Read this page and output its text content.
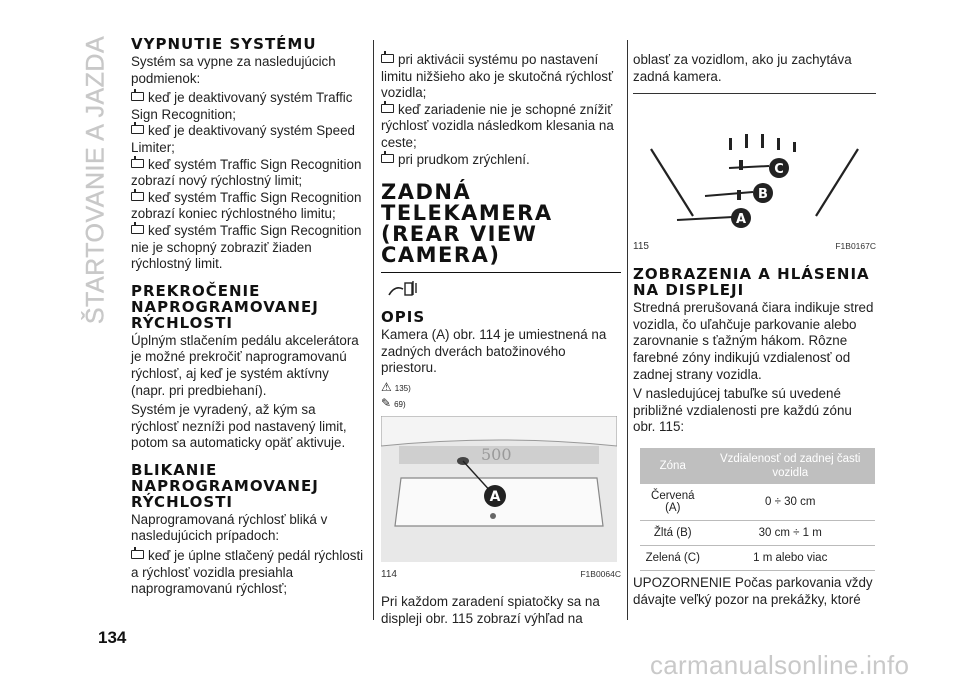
ŠTARTOVANIE A JAZDA VYPNUTIE SYSTÉMU

Systém sa vypne za nasledujúcich podmienok:

keď je deaktivovaný systém Traffic Sign Recognition;
keď je deaktivovaný systém Speed Limiter;
keď systém Traffic Sign Recognition zobrazí nový rýchlostný limit;
keď systém Traffic Sign Recognition zobrazí koniec rýchlostného limitu;
keď systém Traffic Sign Recognition nie je schopný zobraziť žiaden rýchlostný limit.
PREKROČENIE NAPROGRAMOVANEJ RÝCHLOSTI

Úplným stlačením pedálu akcelerátora je možné prekročiť naprogramovanú rýchlosť, aj keď je systém aktívny (napr. pri predbiehaní).

Systém je vyradený, až kým sa rýchlosť nezníži pod nastavený limit, potom sa automaticky opäť aktivuje.

BLIKANIE NAPROGRAMOVANEJ RÝCHLOSTI

Naprogramovaná rýchlosť bliká v nasledujúcich prípadoch:

keď je úplne stlačený pedál rýchlosti a rýchlosť vozidla presiahla naprogramovanú rýchlosť;
pri aktivácii systému po nastavení limitu nižšieho ako je skutočná rýchlosť vozidla;
keď zariadenie nie je schopné znížiť rýchlosť vozidla následkom klesania na ceste;
pri prudkom zrýchlení.
ZADNÁ TELEKAMERA (REAR VIEW CAMERA)
OPIS

Kamera (A) obr. 114 je umiestnená na zadných dverách batožinového priestoru.

⚠ 135)
✎ 69)
500
A
114	F1B0064C

Pri každom zaradení spiatočky sa na displeji obr. 115 zobrazí výhľad na

oblasť za vozidlom, ako ju zachytáva zadná kamera.

C
B
A
115	F1B0167C
ZOBRAZENIA A HLÁSENIA NA DISPLEJI

Stredná prerušovaná čiara indikuje stred vozidla, čo uľahčuje parkovanie alebo zarovnanie s ťažným hákom. Rôzne farebné zóny indikujú vzdialenosť od zadnej strany vozidla.

V nasledujúcej tabuľke sú uvedené približné vzdialenosti pre každú zónu obr. 115:

Zóna	Vzdialenosť od zadnej časti vozidla
Červená (A)	0 ÷ 30 cm
Žltá (B)	30 cm ÷ 1 m
Zelená (C)	1 m alebo viac

UPOZORNENIE Počas parkovania vždy dávajte veľký pozor na prekážky, ktoré

134
carmanualsonline.info
